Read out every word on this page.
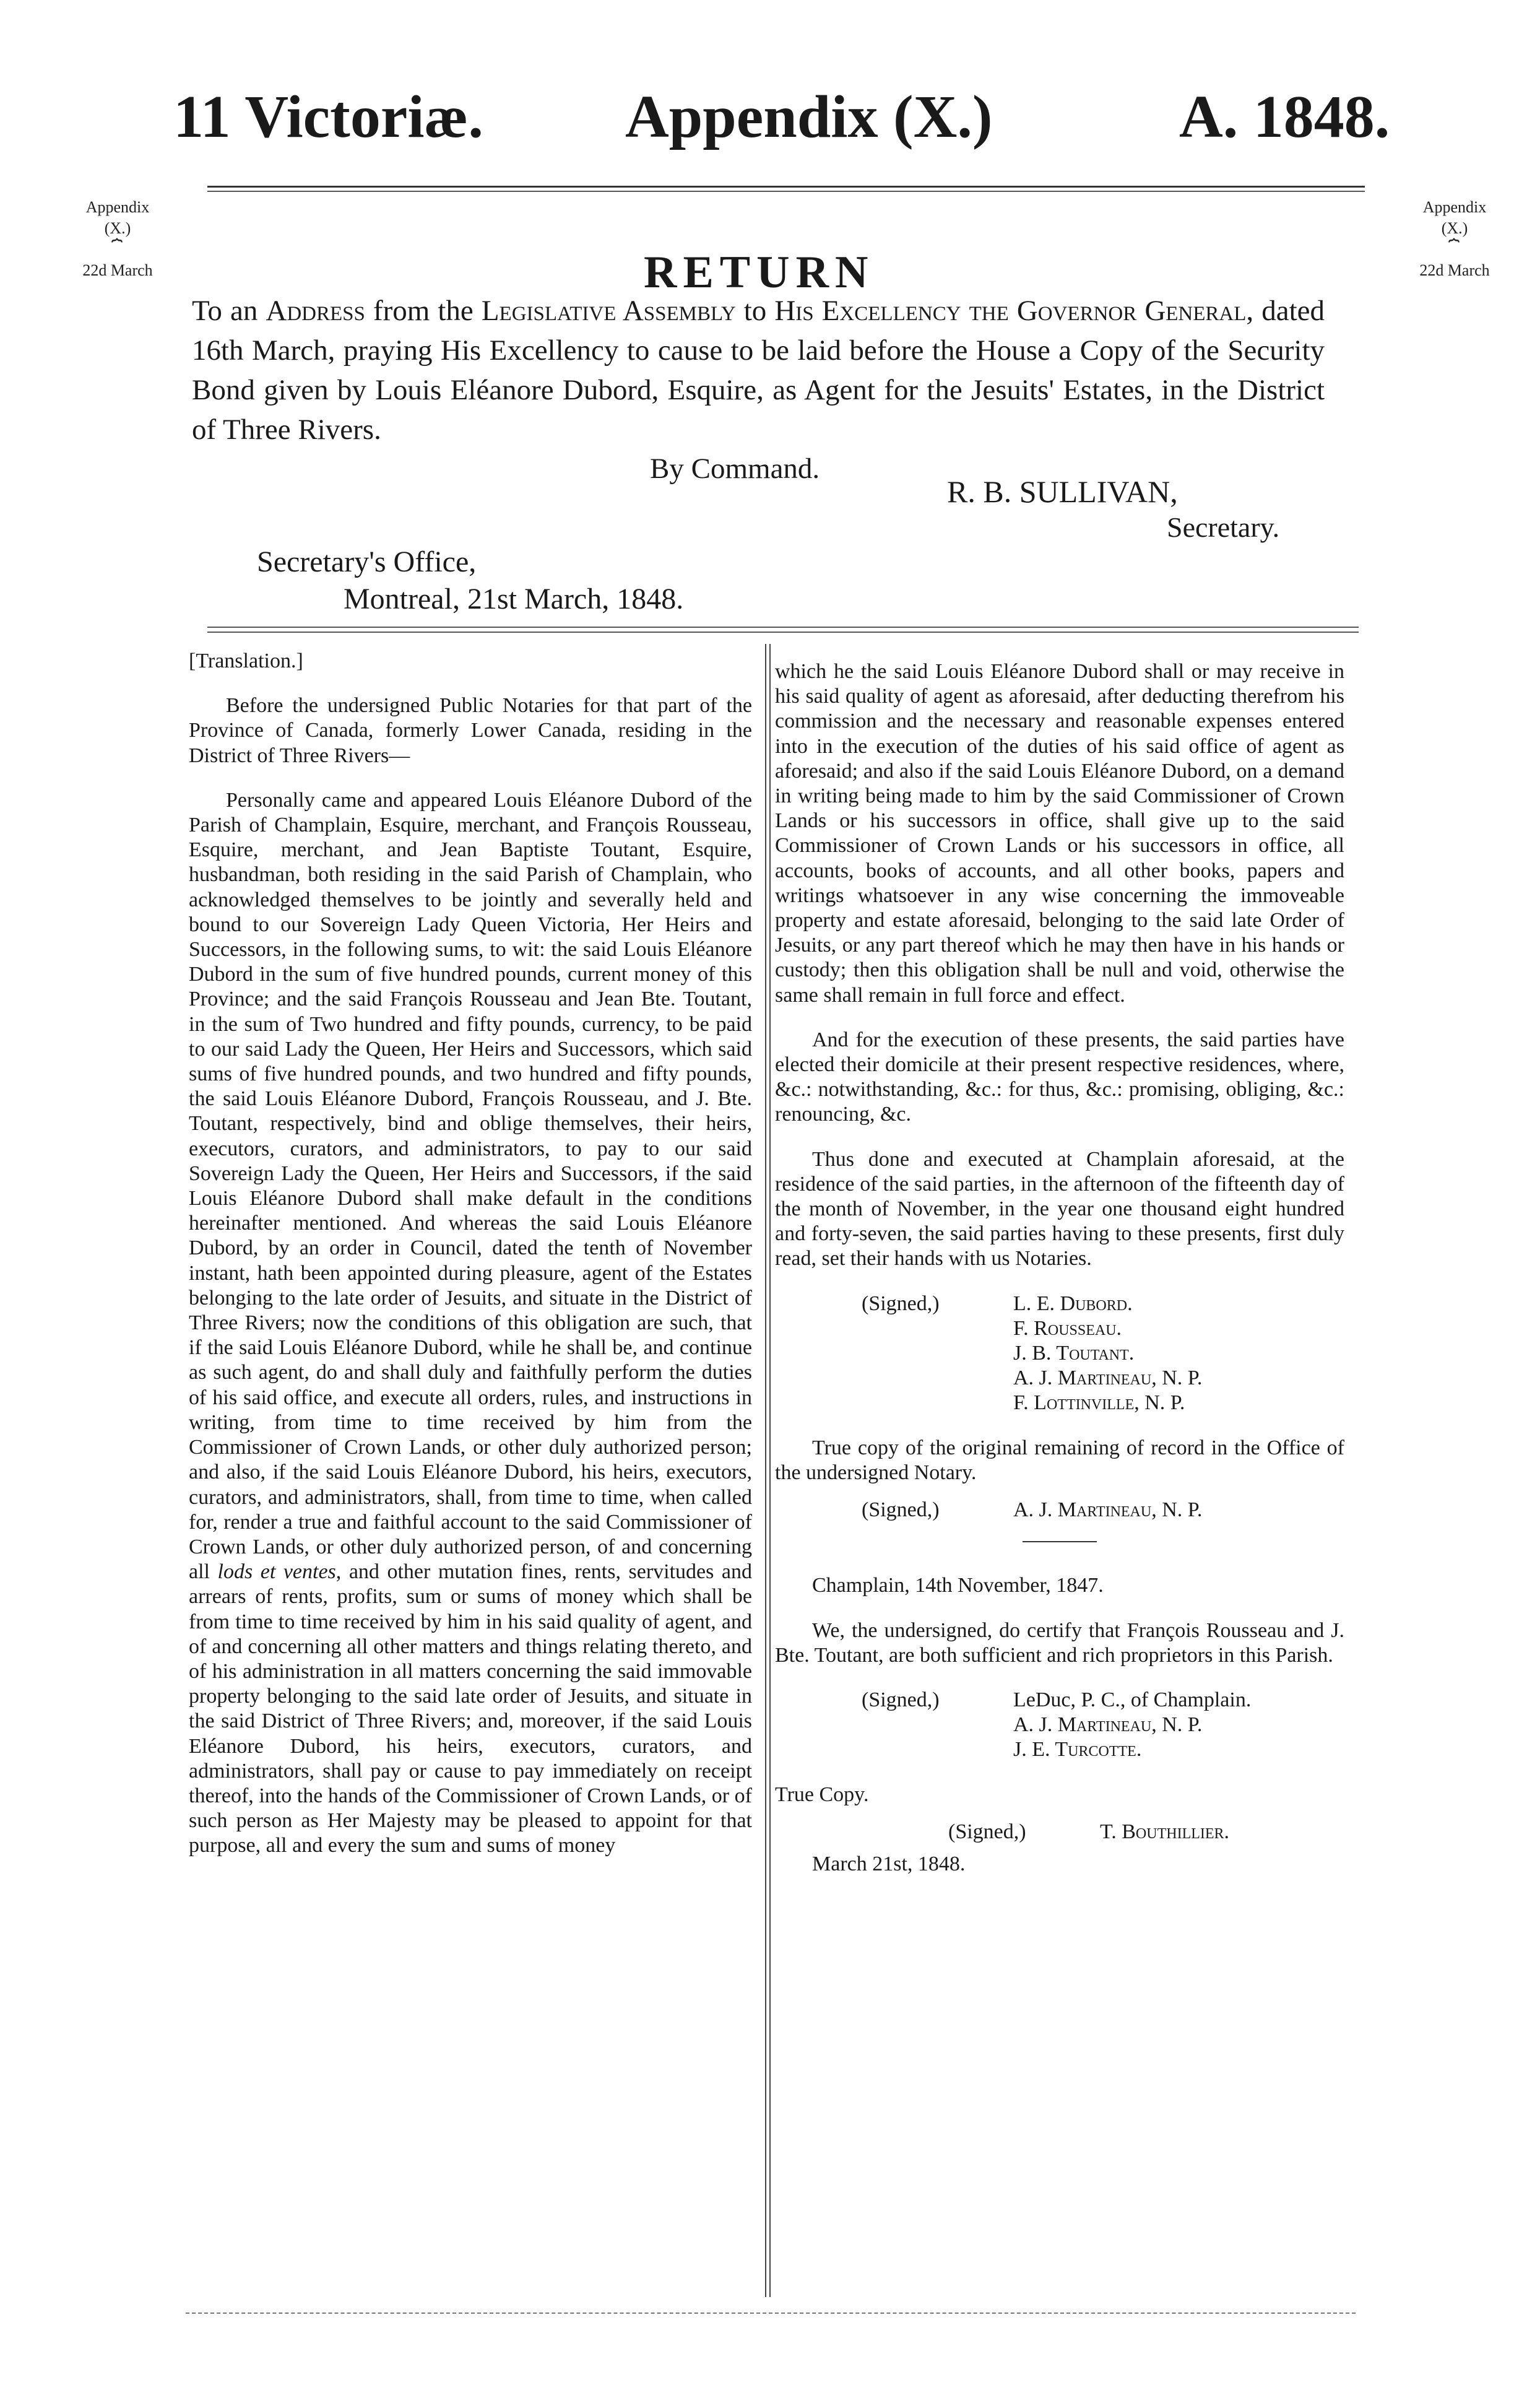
11 Victoriæ. Appendix (X.)	A. 1848.
Appendix
(X.)
⏞
22d March
Appendix
(X.)
⏞
22d March
RETURN
To an Address from the Legislative Assembly to His Excellency the Governor General, dated 16th March, praying His Excellency to cause to be laid before the House a Copy of the Security Bond given by Louis Eléanore Dubord, Esquire, as Agent for the Jesuits' Estates, in the District of Three Rivers.
By Command.
R. B. SULLIVAN,
Secretary.
Secretary's Office,
Montreal, 21st March, 1848.

[Translation.]

Before the undersigned Public Notaries for that part of the Province of Canada, formerly Lower Canada, residing in the District of Three Rivers—

Personally came and appeared Louis Eléanore Dubord of the Parish of Champlain, Esquire, merchant, and François Rousseau, Esquire, merchant, and Jean Baptiste Toutant, Esquire, husbandman, both residing in the said Parish of Champlain, who acknowledged themselves to be jointly and severally held and bound to our Sovereign Lady Queen Victoria, Her Heirs and Successors, in the following sums, to wit: the said Louis Eléanore Dubord in the sum of five hundred pounds, current money of this Province; and the said François Rousseau and Jean Bte. Toutant, in the sum of Two hundred and fifty pounds, currency, to be paid to our said Lady the Queen, Her Heirs and Successors, which said sums of five hundred pounds, and two hundred and fifty pounds, the said Louis Eléanore Dubord, François Rousseau, and J. Bte. Toutant, respectively, bind and oblige themselves, their heirs, executors, curators, and administrators, to pay to our said Sovereign Lady the Queen, Her Heirs and Successors, if the said Louis Eléanore Dubord shall make default in the conditions hereinafter mentioned. And whereas the said Louis Eléanore Dubord, by an order in Council, dated the tenth of November instant, hath been appointed during pleasure, agent of the Estates belonging to the late order of Jesuits, and situate in the District of Three Rivers; now the conditions of this obligation are such, that if the said Louis Eléanore Dubord, while he shall be, and continue as such agent, do and shall duly and faithfully perform the duties of his said office, and execute all orders, rules, and instructions in writing, from time to time received by him from the Commissioner of Crown Lands, or other duly authorized person; and also, if the said Louis Eléanore Dubord, his heirs, executors, curators, and administrators, shall, from time to time, when called for, render a true and faithful account to the said Commissioner of Crown Lands, or other duly authorized person, of and concerning all lods et ventes, and other mutation fines, rents, servitudes and arrears of rents, profits, sum or sums of money which shall be from time to time received by him in his said quality of agent, and of and concerning all other matters and things relating thereto, and of his administration in all matters concerning the said immovable property belonging to the said late order of Jesuits, and situate in the said District of Three Rivers; and, moreover, if the said Louis Eléanore Dubord, his heirs, executors, curators, and administrators, shall pay or cause to pay immediately on receipt thereof, into the hands of the Commissioner of Crown Lands, or of such person as Her Majesty may be pleased to appoint for that purpose, all and every the sum and sums of money

which he the said Louis Eléanore Dubord shall or may receive in his said quality of agent as aforesaid, after deducting therefrom his commission and the necessary and reasonable expenses entered into in the execution of the duties of his said office of agent as aforesaid; and also if the said Louis Eléanore Dubord, on a demand in writing being made to him by the said Commissioner of Crown Lands or his successors in office, shall give up to the said Commissioner of Crown Lands or his successors in office, all accounts, books of accounts, and all other books, papers and writings whatsoever in any wise concerning the immoveable property and estate aforesaid, belonging to the said late Order of Jesuits, or any part thereof which he may then have in his hands or custody; then this obligation shall be null and void, otherwise the same shall remain in full force and effect.

And for the execution of these presents, the said parties have elected their domicile at their present respective residences, where, &c.: notwithstanding, &c.: for thus, &c.: promising, obliging, &c.: renouncing, &c.

Thus done and executed at Champlain aforesaid, at the residence of the said parties, in the afternoon of the fifteenth day of the month of November, in the year one thousand eight hundred and forty-seven, the said parties having to these presents, first duly read, set their hands with us Notaries.

(Signed,)	L. E. Dubord.
F. Rousseau.
J. B. Toutant.
A. J. Martineau, N. P.
F. Lottinville, N. P.

True copy of the original remaining of record in the Office of the undersigned Notary.

(Signed,)	A. J. Martineau, N. P.

Champlain, 14th November, 1847.

We, the undersigned, do certify that François Rousseau and J. Bte. Toutant, are both sufficient and rich proprietors in this Parish.

(Signed,)	LeDuc, P. C., of Champlain.
A. J. Martineau, N. P.
J. E. Turcotte.

True Copy.

(Signed,)	T. Bouthillier.

March 21st, 1848.
